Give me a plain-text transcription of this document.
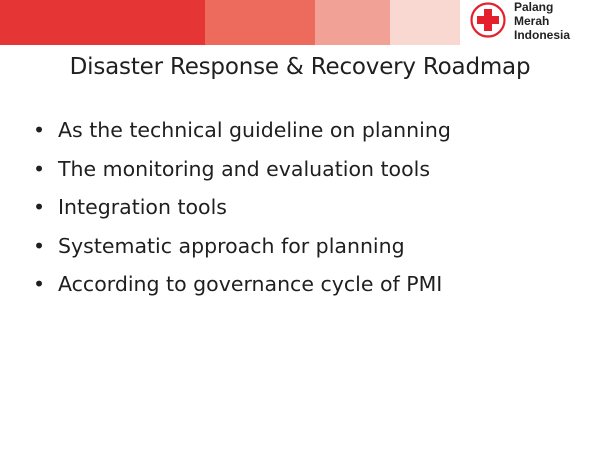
Palang
Merah
Indonesia
Disaster Response & Recovery Roadmap
• As the technical guideline on planning
• The monitoring and evaluation tools
• Integration tools
• Systematic approach for planning
• According to governance cycle of PMI
